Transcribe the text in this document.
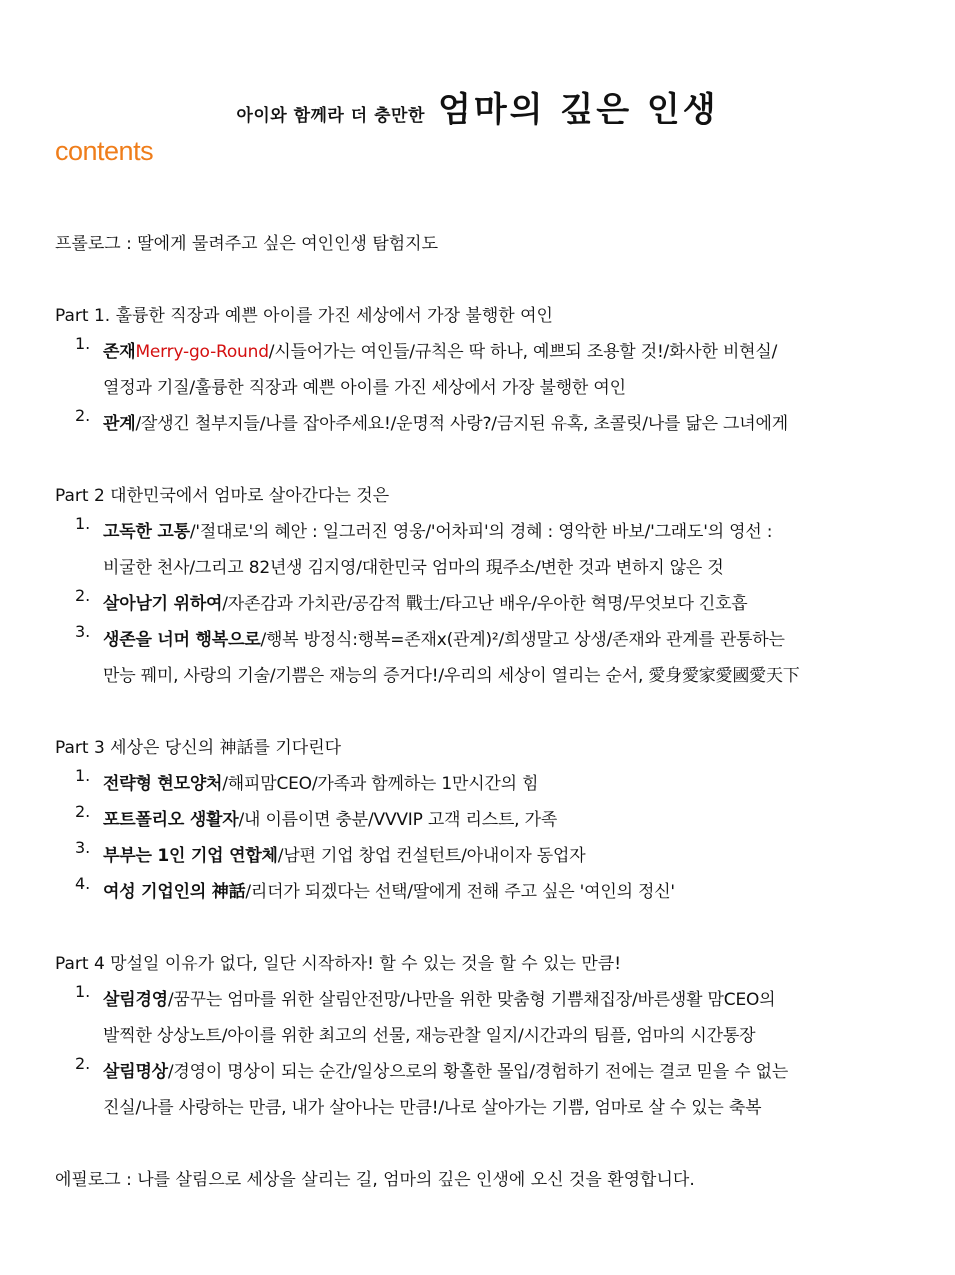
아이와 함께라 더 충만한 엄마의 깊은 인생
contents
프롤로그 : 딸에게 물려주고 싶은 여인인생 탐험지도
Part 1. 훌륭한 직장과 예쁜 아이를 가진 세상에서 가장 불행한 여인
1. 존재Merry-go-Round/시들어가는 여인들/규칙은 딱 하나, 예쁘되 조용할 것!/화사한 비현실/
열정과 기질/훌륭한 직장과 예쁜 아이를 가진 세상에서 가장 불행한 여인
2. 관계/잘생긴 철부지들/나를 잡아주세요!/운명적 사랑?/금지된 유혹, 초콜릿/나를 닮은 그녀에게
Part 2 대한민국에서 엄마로 살아간다는 것은
1. 고독한 고통/'절대로'의 혜안 : 일그러진 영웅/'어차피'의 경혜 : 영악한 바보/'그래도'의 영선 :
비굴한 천사/그리고 82년생 김지영/대한민국 엄마의 現주소/변한 것과 변하지 않은 것
2. 살아남기 위하여/자존감과 가치관/공감적 戰士/타고난 배우/우아한 혁명/무엇보다 긴호흡
3. 생존을 너머 행복으로/행복 방정식:행복=존재x(관계)²/희생말고 상생/존재와 관계를 관통하는
만능 꿰미, 사랑의 기술/기쁨은 재능의 증거다!/우리의 세상이 열리는 순서, 愛身愛家愛國愛天下
Part 3 세상은 당신의 神話를 기다린다
1. 전략형 현모양처/해피맘CEO/가족과 함께하는 1만시간의 힘
2. 포트폴리오 생활자/내 이름이면 충분/VVVIP 고객 리스트, 가족
3. 부부는 1인 기업 연합체/남편 기업 창업 컨설턴트/아내이자 동업자
4. 여성 기업인의 神話/리더가 되겠다는 선택/딸에게 전해 주고 싶은 '여인의 정신'
Part 4 망설일 이유가 없다, 일단 시작하자! 할 수 있는 것을 할 수 있는 만큼!
1. 살림경영/꿈꾸는 엄마를 위한 살림안전망/나만을 위한 맞춤형 기쁨채집장/바른생활 맘CEO의
발찍한 상상노트/아이를 위한 최고의 선물, 재능관찰 일지/시간과의 팀플, 엄마의 시간통장
2. 살림명상/경영이 명상이 되는 순간/일상으로의 황홀한 몰입/경험하기 전에는 결코 믿을 수 없는
진실/나를 사랑하는 만큼, 내가 살아나는 만큼!/나로 살아가는 기쁨, 엄마로 살 수 있는 축복
에필로그 : 나를 살림으로 세상을 살리는 길, 엄마의 깊은 인생에 오신 것을 환영합니다.
